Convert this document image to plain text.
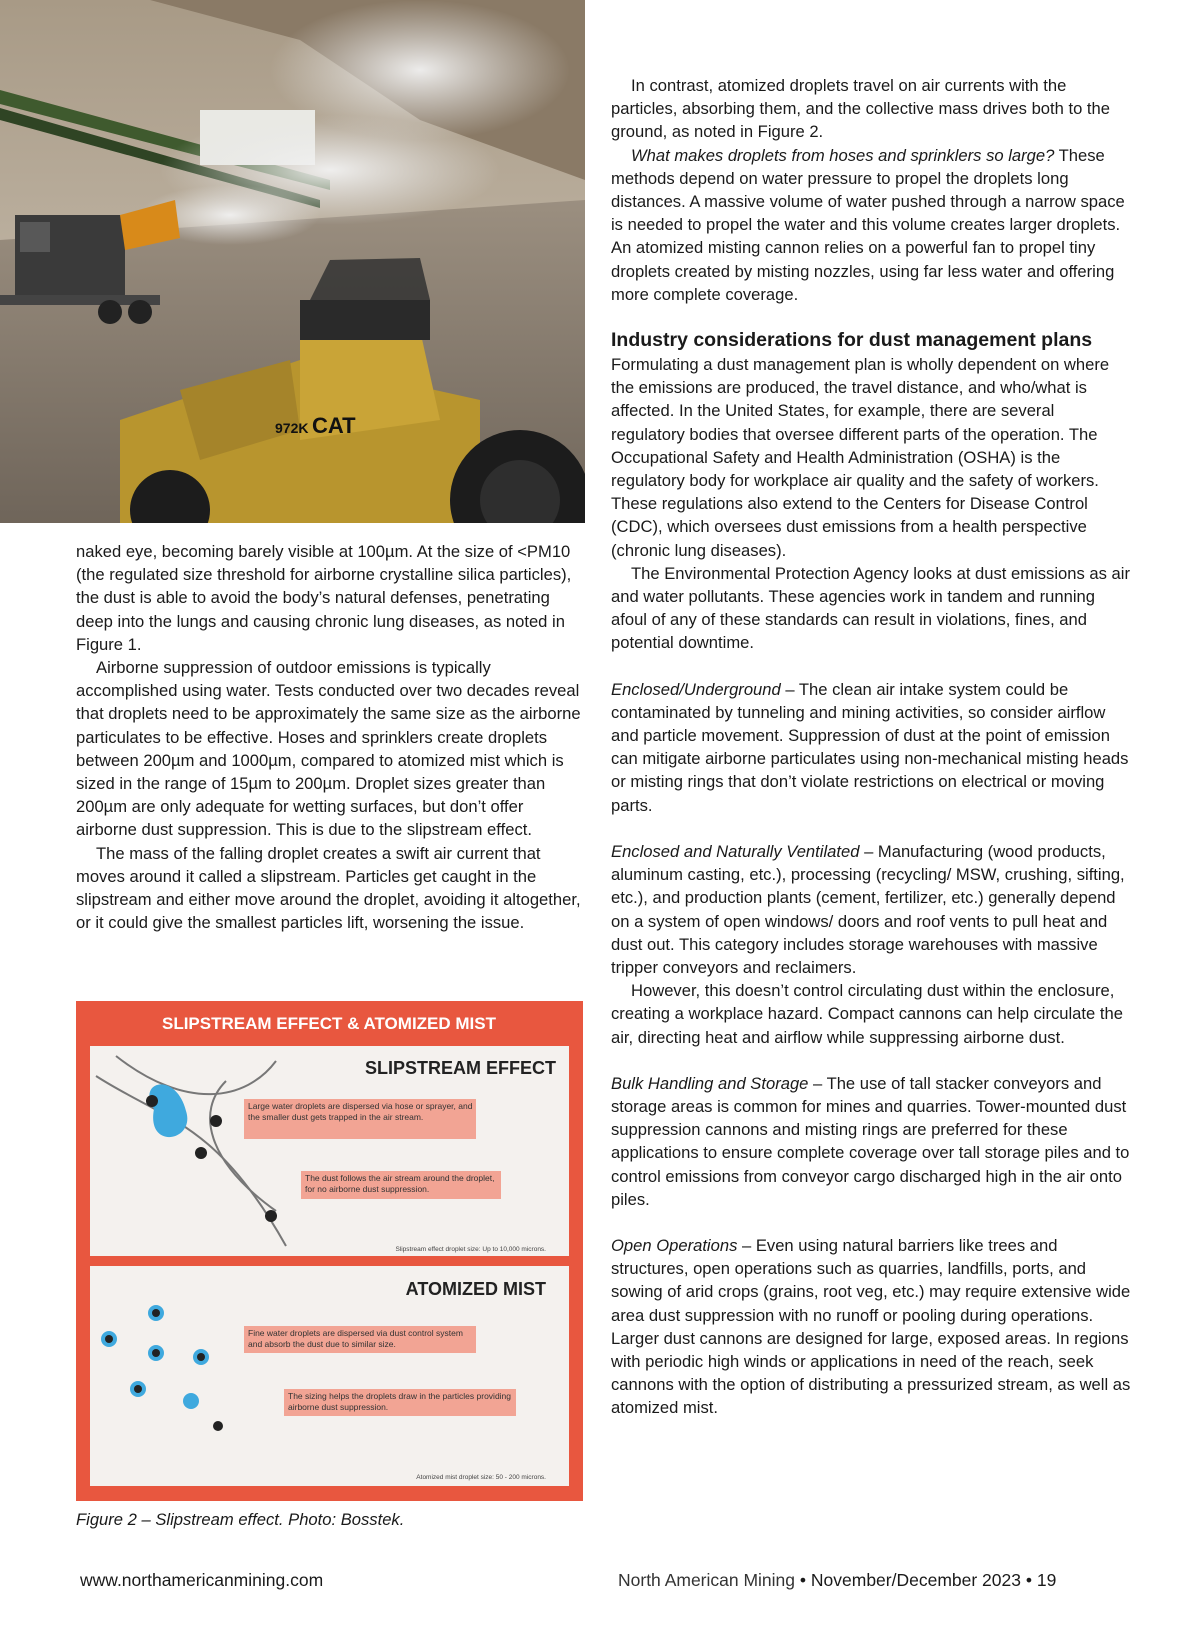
972K CAT

naked eye, becoming barely visible at 100µm. At the size of <PM10 (the regulated size threshold for airborne crystalline silica particles), the dust is able to avoid the body’s natural defenses, penetrating deep into the lungs and causing chronic lung diseases, as noted in Figure 1.

Airborne suppression of outdoor emissions is typically accomplished using water. Tests conducted over two decades reveal that droplets need to be approximately the same size as the airborne particulates to be effective. Hoses and sprinklers create droplets between 200µm and 1000µm, compared to atomized mist which is sized in the range of 15µm to 200µm. Droplet sizes greater than 200µm are only adequate for wetting surfaces, but don’t offer airborne dust suppression. This is due to the slipstream effect.

The mass of the falling droplet creates a swift air current that moves around it called a slipstream. Particles get caught in the slipstream and either move around the droplet, avoiding it altogether, or it could give the smallest particles lift, worsening the issue.

SLIPSTREAM EFFECT & ATOMIZED MIST
SLIPSTREAM EFFECT
Large water droplets are dispersed via hose or sprayer, and the smaller dust gets trapped in the air stream.
The dust follows the air stream around the droplet, for no airborne dust suppression.
Slipstream effect droplet size: Up to 10,000 microns.
ATOMIZED MIST
Fine water droplets are dispersed via dust control system and absorb the dust due to similar size.
The sizing helps the droplets draw in the particles providing airborne dust suppression.
Atomized mist droplet size: 50 - 200 microns.
Figure 2 – Slipstream effect. Photo: Bosstek.

In contrast, atomized droplets travel on air currents with the particles, absorbing them, and the collective mass drives both to the ground, as noted in Figure 2.

What makes droplets from hoses and sprinklers so large? These methods depend on water pressure to propel the droplets long distances. A massive volume of water pushed through a narrow space is needed to propel the water and this volume creates larger droplets. An atomized misting cannon relies on a powerful fan to propel tiny droplets created by misting nozzles, using far less water and offering more complete coverage.

Industry considerations for dust management plans

Formulating a dust management plan is wholly dependent on where the emissions are produced, the travel distance, and who/what is affected. In the United States, for example, there are several regulatory bodies that oversee different parts of the operation. The Occupational Safety and Health Administration (OSHA) is the regulatory body for workplace air quality and the safety of workers. These regulations also extend to the Centers for Disease Control (CDC), which oversees dust emissions from a health perspective (chronic lung diseases).

The Environmental Protection Agency looks at dust emissions as air and water pollutants. These agencies work in tandem and running afoul of any of these standards can result in violations, fines, and potential downtime.

Enclosed/Underground – The clean air intake system could be contaminated by tunneling and mining activities, so consider airflow and particle movement. Suppression of dust at the point of emission can mitigate airborne particulates using non-mechanical misting heads or misting rings that don’t violate restrictions on electrical or moving parts.

Enclosed and Naturally Ventilated – Manufacturing (wood products, aluminum casting, etc.), processing (recycling/ MSW, crushing, sifting, etc.), and production plants (cement, fertilizer, etc.) generally depend on a system of open windows/ doors and roof vents to pull heat and dust out. This category includes storage warehouses with massive tripper conveyors and reclaimers.

However, this doesn’t control circulating dust within the enclosure, creating a workplace hazard. Compact cannons can help circulate the air, directing heat and airflow while suppressing airborne dust.

Bulk Handling and Storage – The use of tall stacker conveyors and storage areas is common for mines and quarries. Tower-mounted dust suppression cannons and misting rings are preferred for these applications to ensure complete coverage over tall storage piles and to control emissions from conveyor cargo discharged high in the air onto piles.

Open Operations – Even using natural barriers like trees and structures, open operations such as quarries, landfills, ports, and sowing of arid crops (grains, root veg, etc.) may require extensive wide area dust suppression with no runoff or pooling during operations. Larger dust cannons are designed for large, exposed areas. In regions with periodic high winds or applications in need of the reach, seek cannons with the option of distributing a pressurized stream, as well as atomized mist.

www.northamericanmining.com	North American Mining • November/December 2023 • 19
